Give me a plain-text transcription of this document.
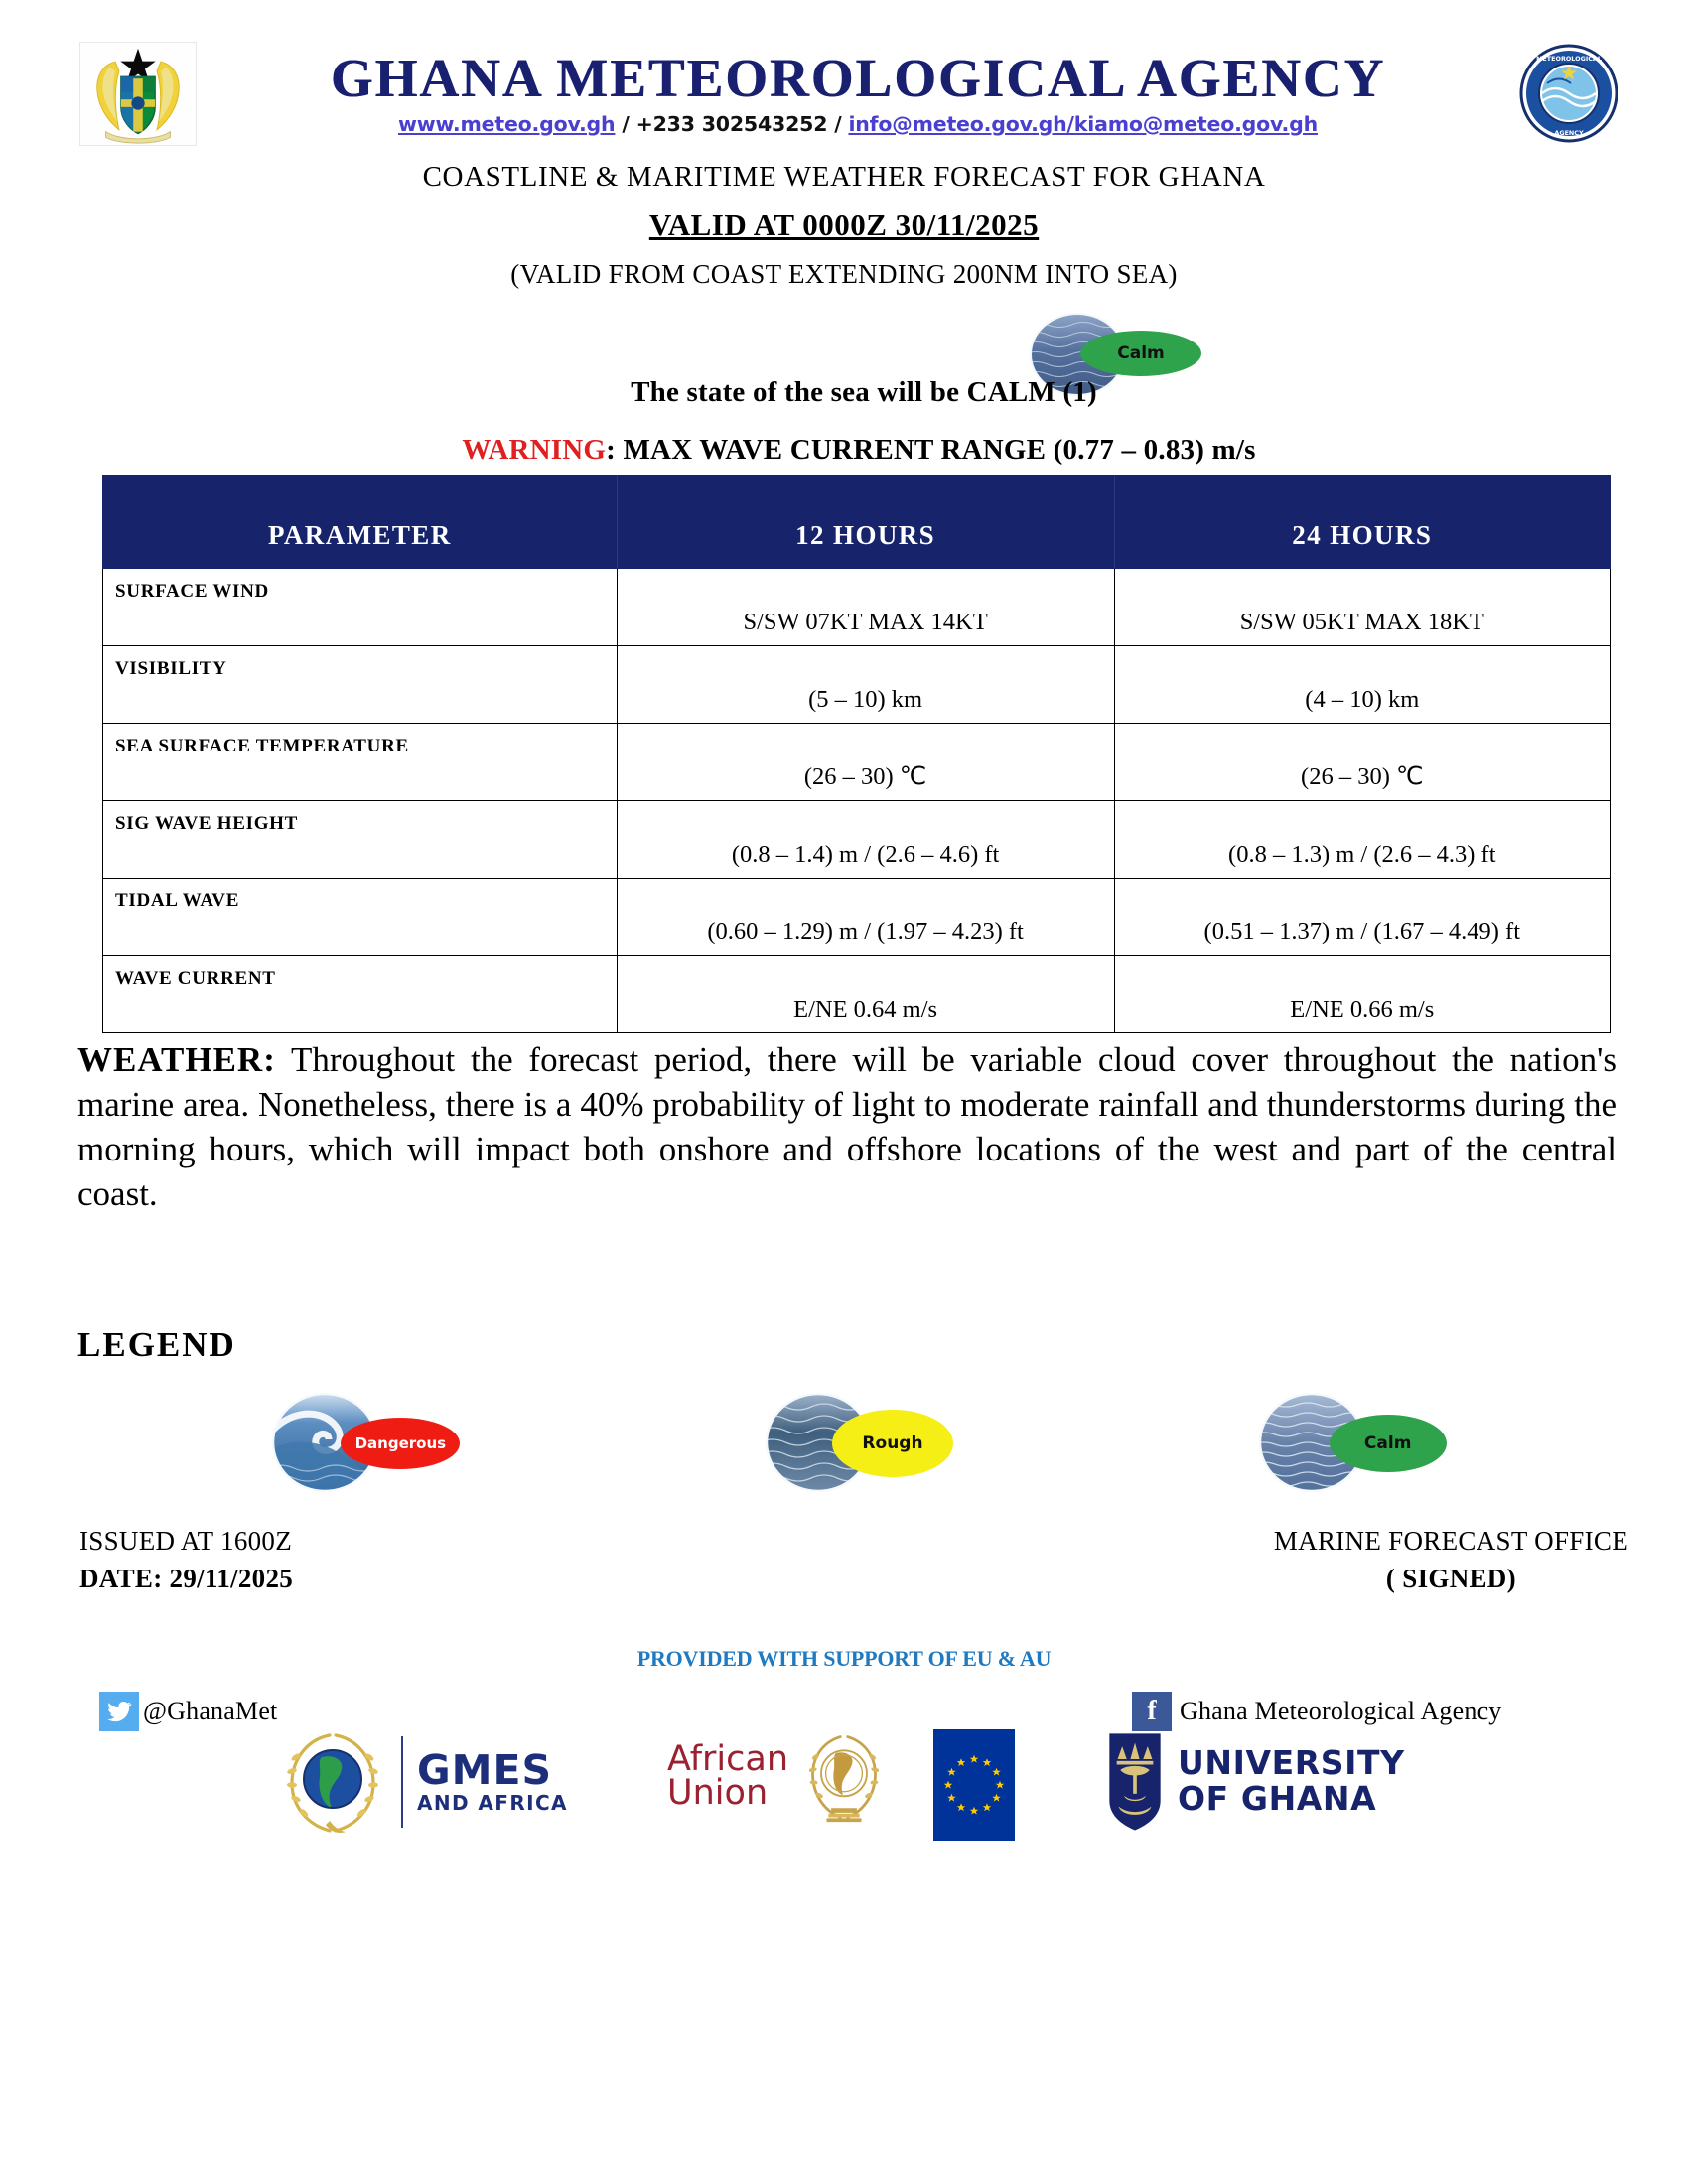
GHANA METEOROLOGICAL AGENCY
www.meteo.gov.gh / +233 302543252 / info@meteo.gov.gh/kiamo@meteo.gov.gh
METEOROLOGICAL
AGENCY
COASTLINE & MARITIME WEATHER FORECAST FOR GHANA
VALID AT 0000Z 30/11/2025
(VALID FROM COAST EXTENDING 200NM INTO SEA)
Calm
The state of the sea will be CALM (1)
WARNING: MAX WAVE CURRENT RANGE (0.77 – 0.83) m/s
PARAMETER	12 HOURS	24 HOURS
SURFACE WIND	S/SW 07KT MAX 14KT	S/SW 05KT MAX 18KT
VISIBILITY	(5 – 10) km	(4 – 10) km
SEA SURFACE TEMPERATURE	(26 – 30) ℃	(26 – 30) ℃
SIG WAVE HEIGHT	(0.8 – 1.4) m / (2.6 – 4.6) ft	(0.8 – 1.3) m / (2.6 – 4.3) ft
TIDAL WAVE	(0.60 – 1.29) m / (1.97 – 4.23) ft	(0.51 – 1.37) m / (1.67 – 4.49) ft
WAVE CURRENT	E/NE 0.64 m/s	E/NE 0.66 m/s
WEATHER: Throughout the forecast period, there will be variable cloud cover throughout the nation's marine area. Nonetheless, there is a 40% probability of light to moderate rainfall and thunderstorms during the morning hours, which will impact both onshore and offshore locations of the west and part of the central coast.
LEGEND
Dangerous	Rough	Calm
ISSUED AT 1600Z
DATE: 29/11/2025
MARINE FORECAST OFFICE
( SIGNED)
PROVIDED WITH SUPPORT OF EU & AU
@GhanaMet	f Ghana Meteorological Agency
GMES
AND AFRICA
African
Union
UNIVERSITY
OF GHANA
